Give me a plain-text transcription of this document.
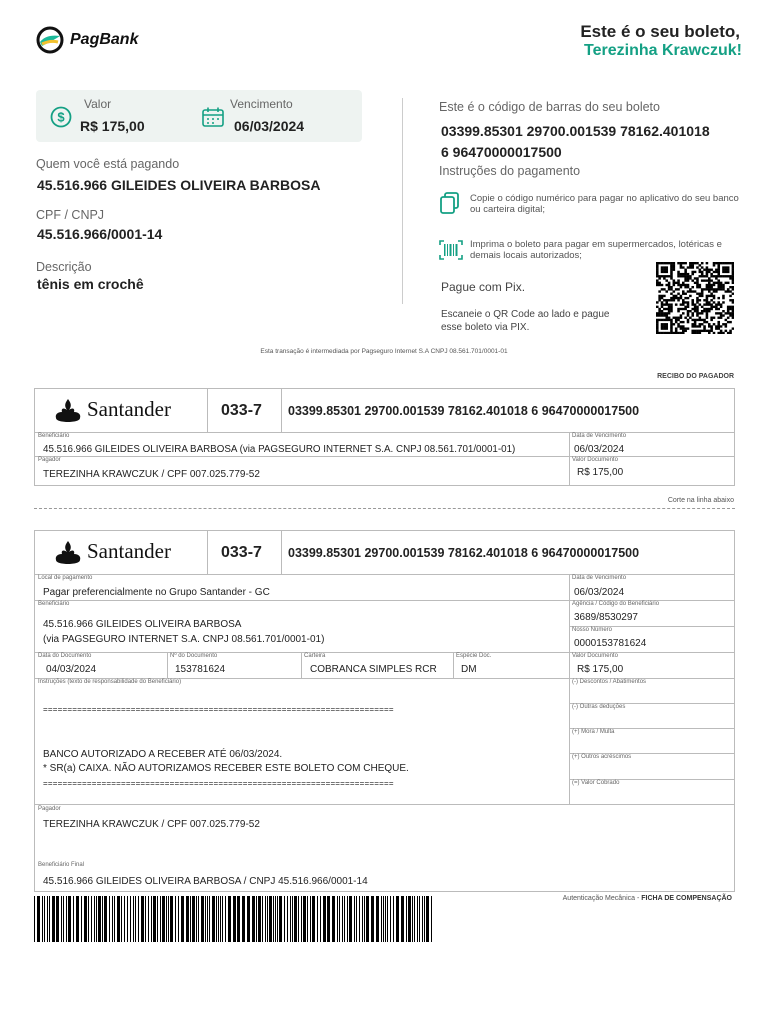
PagBank	Este é o seu boleto,
Terezinha Krawczuk!
$
Valor
R$ 175,00
Vencimento
06/03/2024
Quem você está pagando
45.516.966 GILEIDES OLIVEIRA BARBOSA
CPF / CNPJ
45.516.966/0001-14
Descrição
tênis em crochê
Este é o código de barras do seu boleto
03399.85301 29700.001539 78162.401018
6 96470000017500
Instruções do pagamento
Copie o código numérico para pagar no aplicativo do seu banco ou carteira digital;
Imprima o boleto para pagar em supermercados, lotéricas e demais locais autorizados;
Pague com Pix.
Escaneie o QR Code ao lado e pague esse boleto via PIX.
Esta transação é intermediada por Pagseguro Internet S.A CNPJ 08.561.701/0001-01
RECIBO DO PAGADOR
Santander	033-7 03399.85301 29700.001539 78162.401018 6 96470000017500
Beneficiário
45.516.966 GILEIDES OLIVEIRA BARBOSA (via PAGSEGURO INTERNET S.A. CNPJ 08.561.701/0001-01)
Data de Vencimento
06/03/2024
Pagador
TEREZINHA KRAWCZUK / CPF 007.025.779-52
Valor Documento
R$ 175,00
Corte na linha abaixo
Santander	033-7 03399.85301 29700.001539 78162.401018 6 96470000017500
Local de pagamento
Pagar preferencialmente no Grupo Santander - GC
Data de Vencimento
06/03/2024
Beneficiário
45.516.966 GILEIDES OLIVEIRA BARBOSA
(via PAGSEGURO INTERNET S.A. CNPJ 08.561.701/0001-01)
Agência / Código do Beneficiário
3689/8530297
Nosso Número
0000153781624
Data do Documento
04/03/2024
Nº do Documento
153781624
Carteira
COBRANCA SIMPLES RCR
Espécie Doc.
DM
Valor Documento
R$ 175,00
Instruções (texto de responsabilidade do Beneficiário)
========================================================================
BANCO AUTORIZADO A RECEBER ATÉ 06/03/2024.
* SR(a) CAIXA. NÃO AUTORIZAMOS RECEBER ESTE BOLETO COM CHEQUE.
========================================================================
(-) Descontos / Abatimentos
(-) Outras deduções
(+) Mora / Multa
(+) Outros acréscimos
(=) Valor Cobrado
Pagador
TEREZINHA KRAWCZUK / CPF 007.025.779-52
Beneficiário Final
45.516.966 GILEIDES OLIVEIRA BARBOSA / CNPJ 45.516.966/0001-14
Autenticação Mecânica - FICHA DE COMPENSAÇÃO
